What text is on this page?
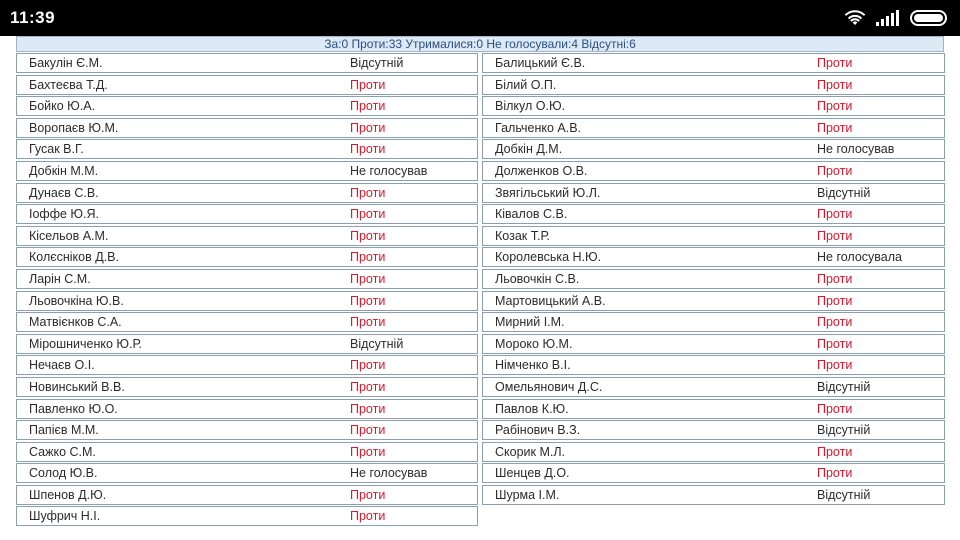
11:39
За:0 Проти:33 Утрималися:0 Не голосували:4 Відсутні:6
Бакулін Є.М.	Відсутній
Бахтеєва Т.Д.	Проти
Бойко Ю.А.	Проти
Воропаєв Ю.М.	Проти
Гусак В.Г.	Проти
Добкін М.М.	Не голосував
Дунаєв С.В.	Проти
Іоффе Ю.Я.	Проти
Кісельов А.М.	Проти
Колєсніков Д.В.	Проти
Ларін С.М.	Проти
Льовочкіна Ю.В.	Проти
Матвієнков С.А.	Проти
Мірошниченко Ю.Р.	Відсутній
Нечаєв О.І.	Проти
Новинський В.В.	Проти
Павленко Ю.О.	Проти
Папієв М.М.	Проти
Сажко С.М.	Проти
Солод Ю.В.	Не голосував
Шпенов Д.Ю.	Проти
Шуфрич Н.І.	Проти
Балицький Є.В.	Проти
Білий О.П.	Проти
Вілкул О.Ю.	Проти
Гальченко А.В.	Проти
Добкін Д.М.	Не голосував
Долженков О.В.	Проти
Звягільський Ю.Л.	Відсутній
Ківалов С.В.	Проти
Козак Т.Р.	Проти
Королевська Н.Ю.	Не голосувала
Льовочкін С.В.	Проти
Мартовицький А.В.	Проти
Мирний І.М.	Проти
Мороко Ю.М.	Проти
Німченко В.І.	Проти
Омельянович Д.С.	Відсутній
Павлов К.Ю.	Проти
Рабінович В.З.	Відсутній
Скорик М.Л.	Проти
Шенцев Д.О.	Проти
Шурма І.М.	Відсутній
